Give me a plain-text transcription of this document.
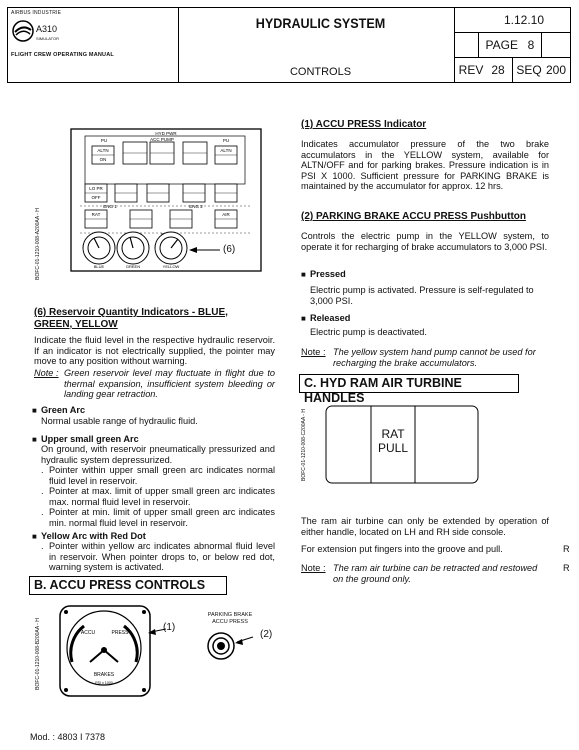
AIRBUS INDUSTRIE
A310
SIMULATOR
FLIGHT CREW OPERATING MANUAL
HYDRAULIC SYSTEM
CONTROLS
1.12.10
PAGE 8
REV 28 SEQ 200
BOFC-01-1210-008-A200AA - H
HYD PWR
PU	PU
ACC PUMP
ALTN	ALTN
ON
ENG 1	ENG 2
LO PR
OFF
RAT	AIR
BLUE	GREEN	YELLOW
(6)
(6) Reservoir Quantity Indicators - BLUE,
GREEN, YELLOW
Indicate the fluid level in the respective hydraulic reservoir. If an indicator is not electrically supplied, the pointer may move to any position without warning.
Note : Green reservoir level may fluctuate in flight due to thermal expansion, insufficient system bleeding or landing gear retraction.
■ Green Arc
Normal usable range of hydraulic fluid.
■ Upper small green Arc
On ground, with reservoir pneumatically pressurized and hydraulic system depressurized.
. Pointer within upper small green arc indicates normal fluid level in reservoir.
. Pointer at max. limit of upper small green arc indicates max. normal fluid level in reservoir.
. Pointer at min. limit of upper small green arc indicates min. normal fluid level in reservoir.
■ Yellow Arc with Red Dot
. Pointer within yellow arc indicates abnormal fluid level in reservoir. When pointer drops to, or below red dot, warning system is activated.
B. ACCU PRESS CONTROLS
BOFC-01-1210-008-B200AA - H	ACCU	PRESS
BRAKES
PSI x 1000
(1)
PARKING BRAKE
ACCU PRESS
(2)
(1) ACCU PRESS Indicator
Indicates accumulator pressure of the two brake accumulators in the YELLOW system, available for ALTN/OFF and for parking brakes. Pressure indication is in PSI X 1000. Sufficient pressure for PARKING BRAKE is maintained by the accumulator for approx. 12 hrs.
(2) PARKING BRAKE ACCU PRESS Pushbutton
Controls the electric pump in the YELLOW system, to operate it for recharging of brake accumulators to 3,000 PSI.
■ Pressed
Electric pump is activated. Pressure is self-regulated to 3,000 PSI.
■ Released
Electric pump is deactivated.
Note : The yellow system hand pump cannot be used for recharging the brake accumulators.
C. HYD RAM AIR TURBINE HANDLES
BOFC-01-1210-008-C200AA - H	RAT
PULL
The ram air turbine can only be extended by operation of either handle, located on LH and RH side console.
For extension put fingers into the groove and pull.	R
Note : The ram air turbine can be retracted and restowed on the ground only.
R
Mod. : 4803 I 7378
